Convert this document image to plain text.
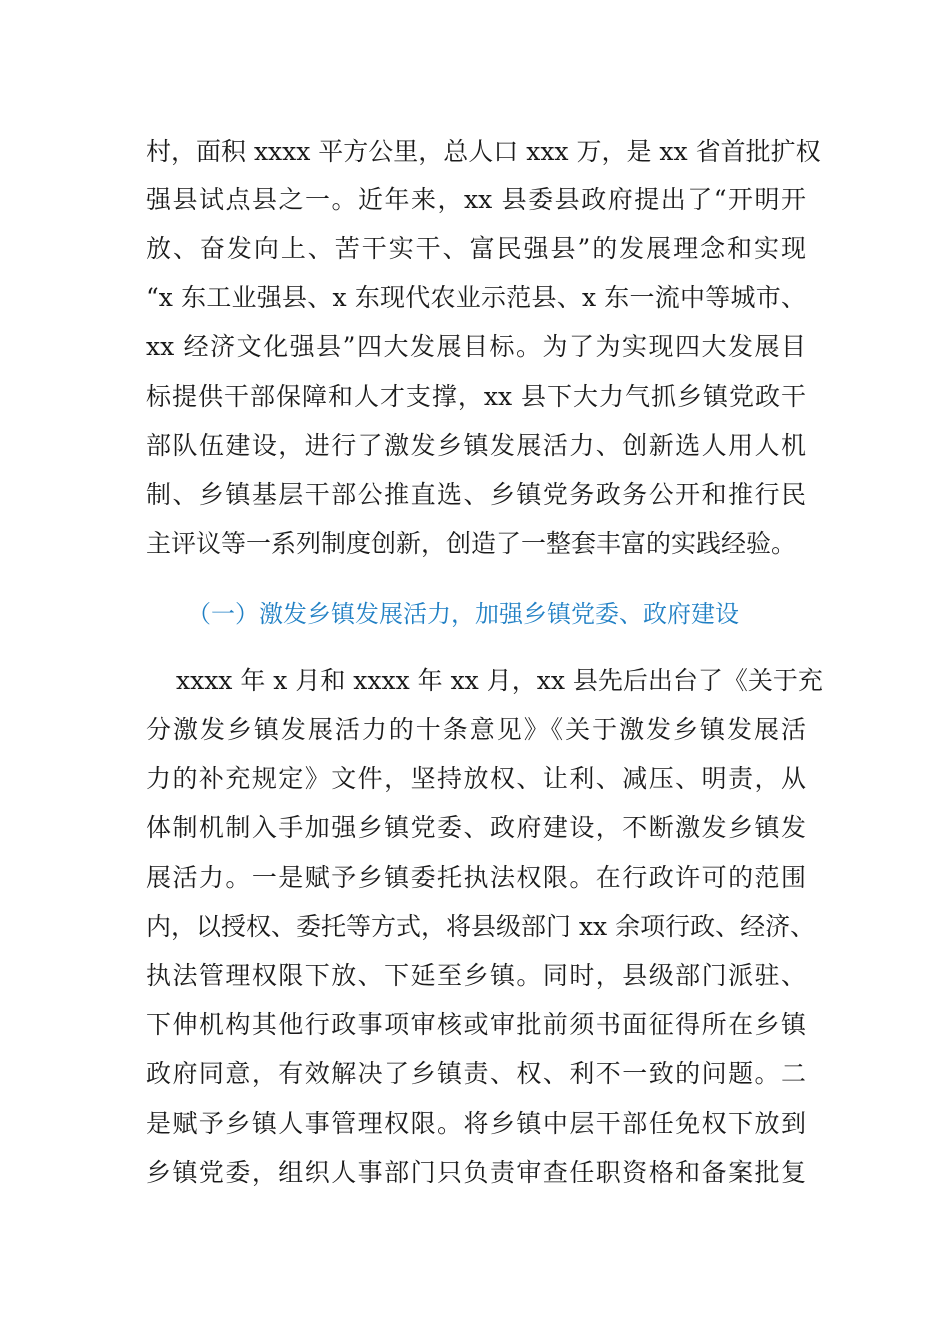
村，面积 xxxx 平方公里，总人口 xxx 万，是 xx 省首批扩权
强县试点县之一。近年来，xx 县委县政府提出了“开明开
放、奋发向上、苦干实干、富民强县”的发展理念和实现
“x 东工业强县、x 东现代农业示范县、x 东一流中等城市、
xx 经济文化强县”四大发展目标。为了为实现四大发展目
标提供干部保障和人才支撑，xx 县下大力气抓乡镇党政干
部队伍建设，进行了激发乡镇发展活力、创新选人用人机
制、乡镇基层干部公推直选、乡镇党务政务公开和推行民
主评议等一系列制度创新，创造了一整套丰富的实践经验。
（一）激发乡镇发展活力，加强乡镇党委、政府建设
xxxx 年 x 月和 xxxx 年 xx 月，xx 县先后出台了《关于充
分激发乡镇发展活力的十条意见》《关于激发乡镇发展活
力的补充规定》文件，坚持放权、让利、减压、明责，从
体制机制入手加强乡镇党委、政府建设，不断激发乡镇发
展活力。一是赋予乡镇委托执法权限。在行政许可的范围
内，以授权、委托等方式，将县级部门 xx 余项行政、经济、
执法管理权限下放、下延至乡镇。同时，县级部门派驻、
下伸机构其他行政事项审核或审批前须书面征得所在乡镇
政府同意，有效解决了乡镇责、权、利不一致的问题。二
是赋予乡镇人事管理权限。将乡镇中层干部任免权下放到
乡镇党委，组织人事部门只负责审查任职资格和备案批复
